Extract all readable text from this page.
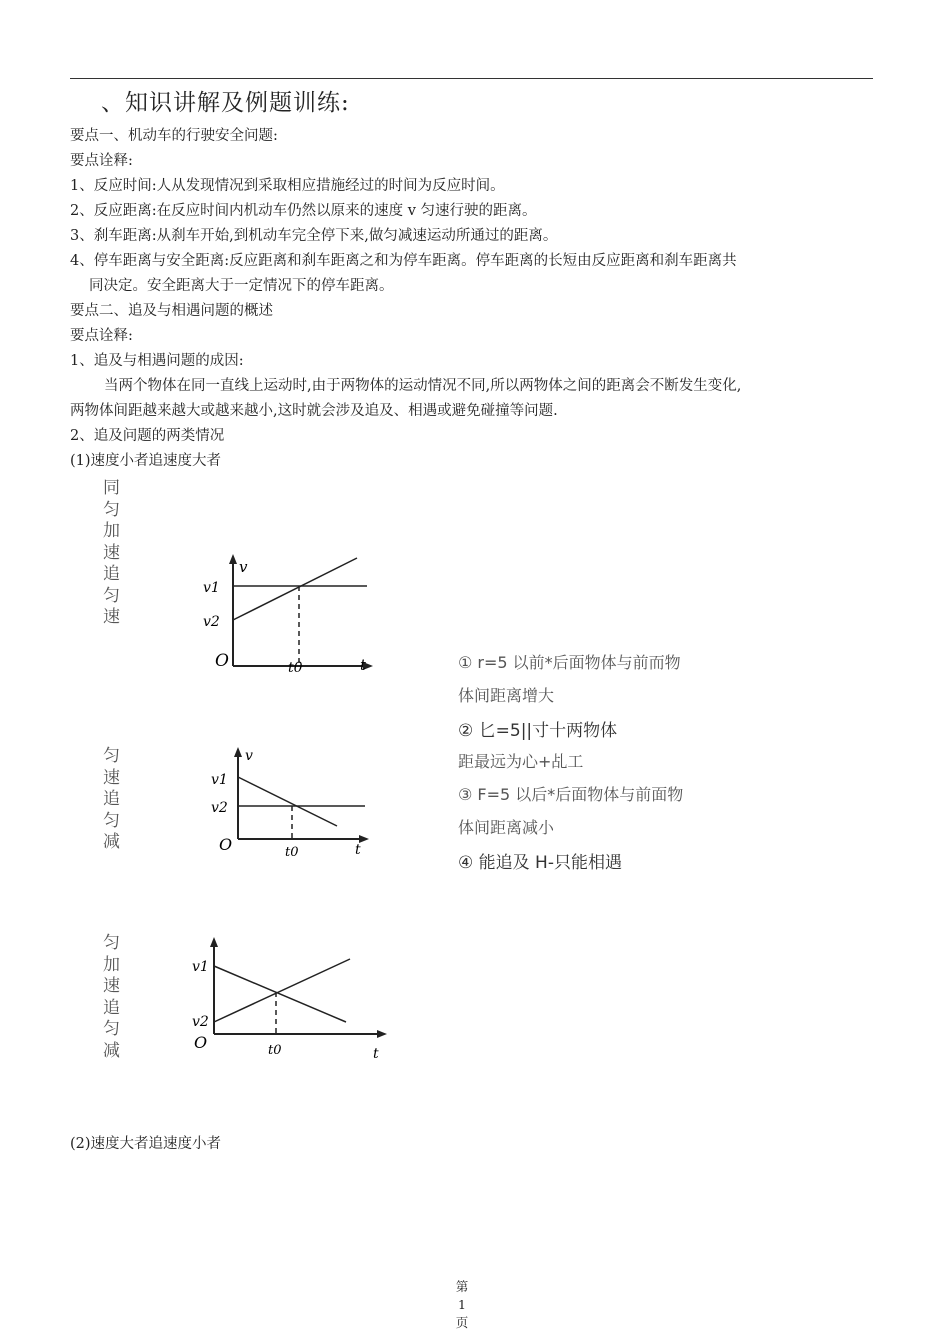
、知识讲解及例题训练:
要点一、机动车的行驶安全问题:
要点诠释:
1、反应时间:人从发现情况到采取相应措施经过的时间为反应时间。
2、反应距离:在反应时间内机动车仍然以原来的速度 v 匀速行驶的距离。
3、刹车距离:从刹车开始,到机动车完全停下来,做匀减速运动所通过的距离。
4、停车距离与安全距离:反应距离和刹车距离之和为停车距离。停车距离的长短由反应距离和刹车距离共
同决定。安全距离大于一定情况下的停车距离。
要点二、追及与相遇问题的概述
要点诠释:
1、追及与相遇问题的成因:
当两个物体在同一直线上运动时,由于两物体的运动情况不同,所以两物体之间的距离会不断发生变化,
两物体间距越来越大或越来越小,这时就会涉及追及、相遇或避免碰撞等问题.
2、追及问题的两类情况
(1)速度小者追速度大者
同
匀
加
速
追
匀
速
匀
速
追
匀
减
匀
加
速
追
匀
减
v
v1
v2
O	t0	t
v
v1
v2
O	t0	t
v1
v2
O	t0	t
① r=5 以前*后面物体与前而物
体间距离增大
② 匕=5||寸十两物体
距最远为心+乩工
③ F=5 以后*后面物体与前面物
体间距离减小
④ 能追及 H-只能相遇
(2)速度大者追速度小者
第 1
页
